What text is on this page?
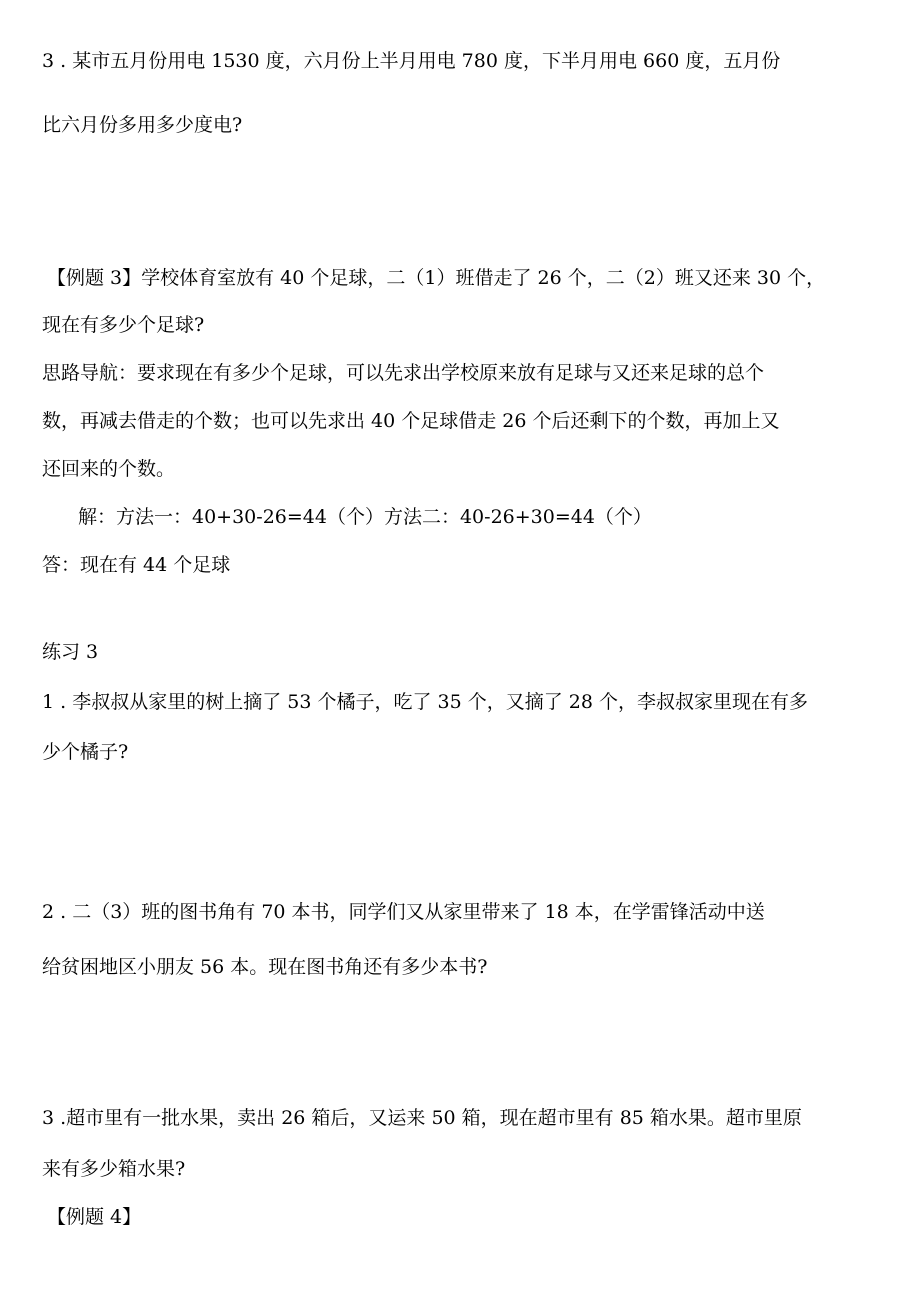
3 . 某市五月份用电 1530 度，六月份上半月用电 780 度，下半月用电 660 度，五月份
比六月份多用多少度电?
【例题 3】学校体育室放有 40 个足球，二（1）班借走了 26 个，二（2）班又还来 30 个，
现在有多少个足球?
思路导航：要求现在有多少个足球，可以先求出学校原来放有足球与又还来足球的总个
数，再减去借走的个数；也可以先求出 40 个足球借走 26 个后还剩下的个数，再加上又
还回来的个数。
解：方法一：40+30-26=44（个）方法二：40-26+30=44（个）
答：现在有 44 个足球
练习 3
1 . 李叔叔从家里的树上摘了 53 个橘子，吃了 35 个，又摘了 28 个，李叔叔家里现在有多
少个橘子?
2 . 二（3）班的图书角有 70 本书，同学们又从家里带来了 18 本，在学雷锋活动中送
给贫困地区小朋友 56 本。现在图书角还有多少本书?
3 .超市里有一批水果，卖出 26 箱后，又运来 50 箱，现在超市里有 85 箱水果。超市里原
来有多少箱水果?
【例题 4】
